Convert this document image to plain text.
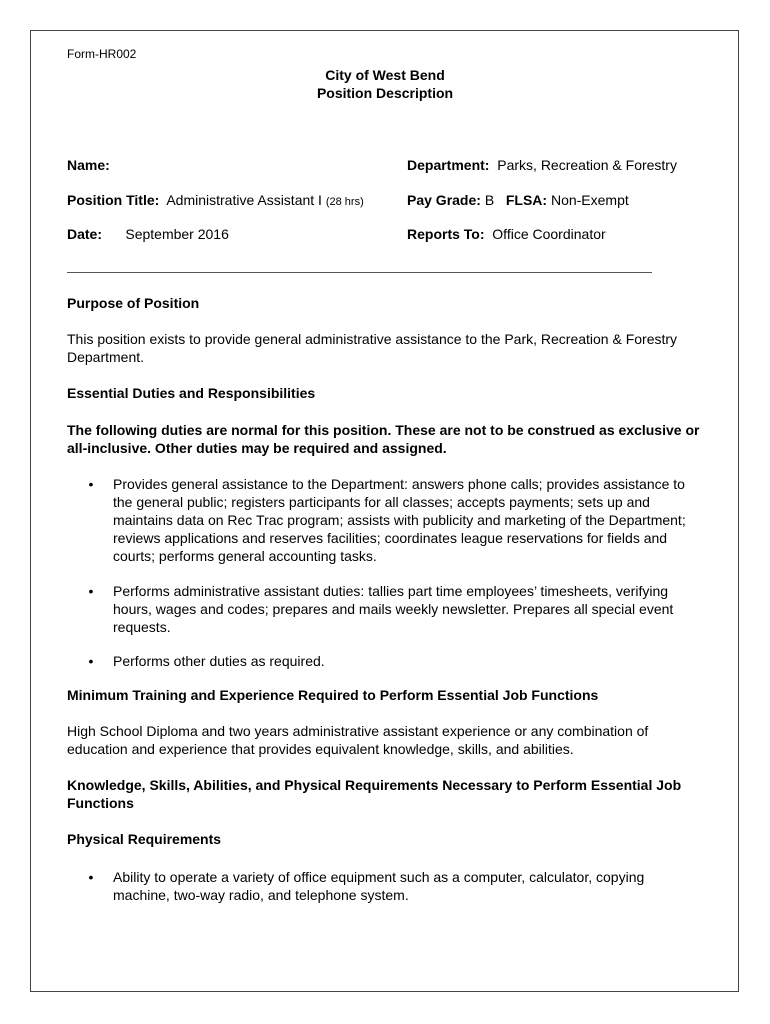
Form-HR002
City of West Bend
Position Description
Name:	Department: Parks, Recreation & Forestry
Position Title: Administrative Assistant I (28 hrs)	Pay Grade: B FLSA: Non-Exempt
Date: September 2016	Reports To: Office Coordinator
Purpose of Position
This position exists to provide general administrative assistance to the Park, Recreation & Forestry Department.
Essential Duties and Responsibilities
The following duties are normal for this position. These are not to be construed as exclusive or all-inclusive. Other duties may be required and assigned.
• Provides general assistance to the Department: answers phone calls; provides assistance to the general public; registers participants for all classes; accepts payments; sets up and maintains data on Rec Trac program; assists with publicity and marketing of the Department; reviews applications and reserves facilities; coordinates league reservations for fields and courts; performs general accounting tasks.
• Performs administrative assistant duties: tallies part time employees’ timesheets, verifying hours, wages and codes; prepares and mails weekly newsletter. Prepares all special event requests.
• Performs other duties as required.
Minimum Training and Experience Required to Perform Essential Job Functions
High School Diploma and two years administrative assistant experience or any combination of education and experience that provides equivalent knowledge, skills, and abilities.
Knowledge, Skills, Abilities, and Physical Requirements Necessary to Perform Essential Job Functions
Physical Requirements
• Ability to operate a variety of office equipment such as a computer, calculator, copying machine, two-way radio, and telephone system.
